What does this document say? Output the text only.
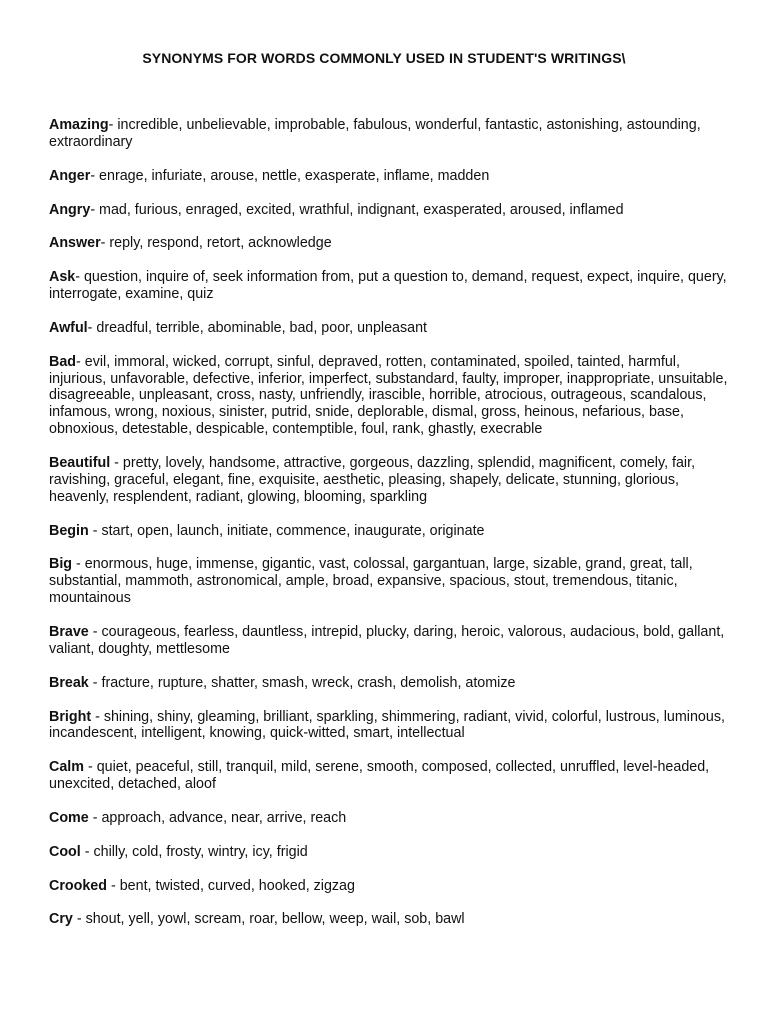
SYNONYMS FOR WORDS COMMONLY USED IN STUDENT'S WRITINGS\

Amazing- incredible, unbelievable, improbable, fabulous, wonderful, fantastic, astonishing, astounding, extraordinary

Anger- enrage, infuriate, arouse, nettle, exasperate, inflame, madden

Angry- mad, furious, enraged, excited, wrathful, indignant, exasperated, aroused, inflamed

Answer- reply, respond, retort, acknowledge

Ask- question, inquire of, seek information from, put a question to, demand, request, expect, inquire, query, interrogate, examine, quiz

Awful- dreadful, terrible, abominable, bad, poor, unpleasant

Bad- evil, immoral, wicked, corrupt, sinful, depraved, rotten, contaminated, spoiled, tainted, harmful, injurious, unfavorable, defective, inferior, imperfect, substandard, faulty, improper, inappropriate, unsuitable, disagreeable, unpleasant, cross, nasty, unfriendly, irascible, horrible, atrocious, outrageous, scandalous, infamous, wrong, noxious, sinister, putrid, snide, deplorable, dismal, gross, heinous, nefarious, base, obnoxious, detestable, despicable, contemptible, foul, rank, ghastly, execrable

Beautiful - pretty, lovely, handsome, attractive, gorgeous, dazzling, splendid, magnificent, comely, fair, ravishing, graceful, elegant, fine, exquisite, aesthetic, pleasing, shapely, delicate, stunning, glorious, heavenly, resplendent, radiant, glowing, blooming, sparkling

Begin - start, open, launch, initiate, commence, inaugurate, originate

Big - enormous, huge, immense, gigantic, vast, colossal, gargantuan, large, sizable, grand, great, tall, substantial, mammoth, astronomical, ample, broad, expansive, spacious, stout, tremendous, titanic, mountainous

Brave - courageous, fearless, dauntless, intrepid, plucky, daring, heroic, valorous, audacious, bold, gallant, valiant, doughty, mettlesome

Break - fracture, rupture, shatter, smash, wreck, crash, demolish, atomize

Bright - shining, shiny, gleaming, brilliant, sparkling, shimmering, radiant, vivid, colorful, lustrous, luminous, incandescent, intelligent, knowing, quick-witted, smart, intellectual

Calm - quiet, peaceful, still, tranquil, mild, serene, smooth, composed, collected, unruffled, level-headed, unexcited, detached, aloof

Come - approach, advance, near, arrive, reach

Cool - chilly, cold, frosty, wintry, icy, frigid

Crooked - bent, twisted, curved, hooked, zigzag

Cry - shout, yell, yowl, scream, roar, bellow, weep, wail, sob, bawl
